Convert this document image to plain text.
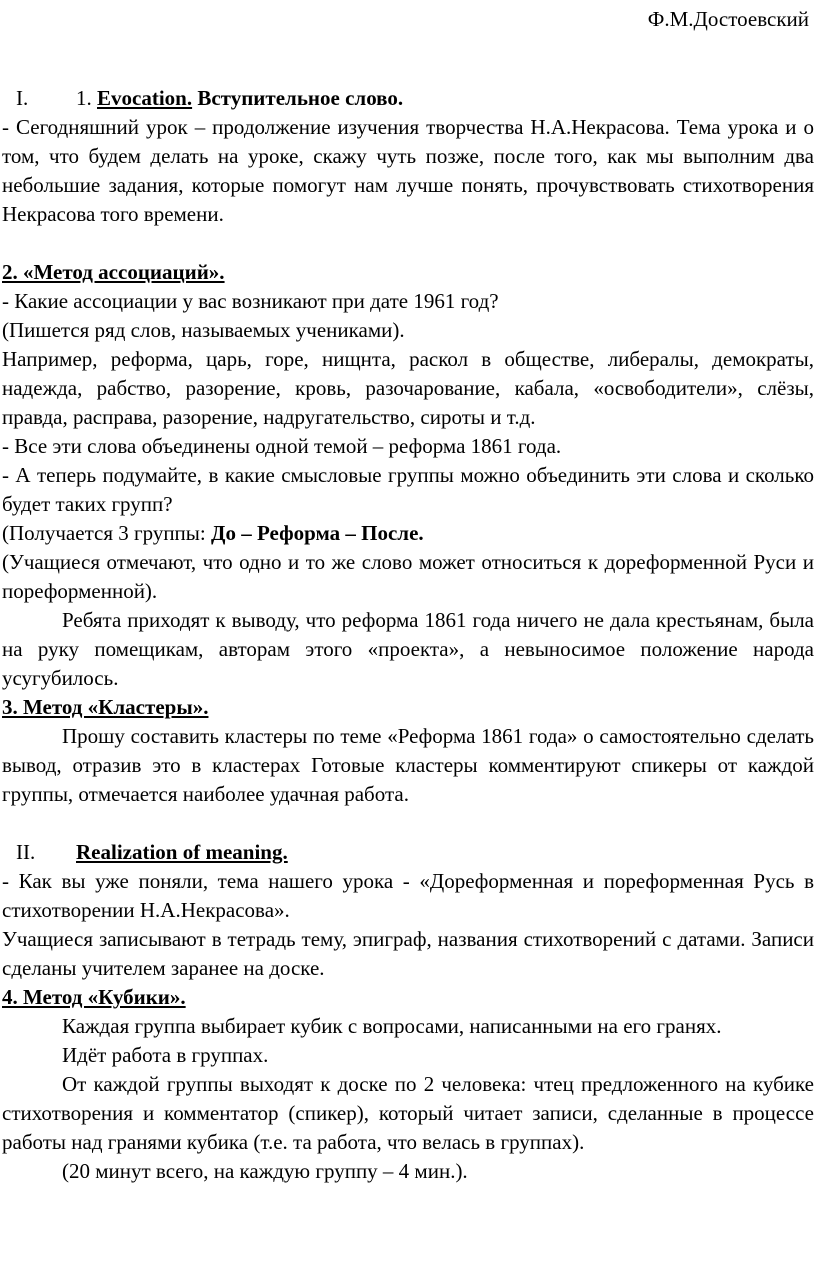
Ф.М.Достоевский

I. 1. Evocation. Вступительное слово.

- Сегодняшний урок – продолжение изучения творчества Н.А.Некрасова. Тема урока и о том, что будем делать на уроке, скажу чуть позже, после того, как мы выполним два небольшие задания, которые помогут нам лучше понять, прочувствовать стихотворения Некрасова того времени.

2. «Метод ассоциаций».

- Какие ассоциации у вас возникают при дате 1961 год?

(Пишется ряд слов, называемых учениками).

Например, реформа, царь, горе, нищнта, раскол в обществе, либералы, демократы, надежда, рабство, разорение, кровь, разочарование, кабала, «освободители», слёзы, правда, расправа, разорение, надругательство, сироты и т.д.

- Все эти слова объединены одной темой – реформа 1861 года.

- А теперь подумайте, в какие смысловые группы можно объединить эти слова и сколько будет таких групп?

(Получается 3 группы: До – Реформа – После.

(Учащиеся отмечают, что одно и то же слово может относиться к дореформенной Руси и пореформенной).

Ребята приходят к выводу, что реформа 1861 года ничего не дала крестьянам, была на руку помещикам, авторам этого «проекта», а невыносимое положение народа усугубилось.

3. Метод «Кластеры».

Прошу составить кластеры по теме «Реформа 1861 года» о самостоятельно сделать вывод, отразив это в кластерах Готовые кластеры комментируют спикеры от каждой группы, отмечается наиболее удачная работа.

II. Realization of meaning.

- Как вы уже поняли, тема нашего урока - «Дореформенная и пореформенная Русь в стихотворении Н.А.Некрасова».

Учащиеся записывают в тетрадь тему, эпиграф, названия стихотворений с датами. Записи сделаны учителем заранее на доске.

4. Метод «Кубики».

Каждая группа выбирает кубик с вопросами, написанными на его гранях.

Идёт работа в группах.

От каждой группы выходят к доске по 2 человека: чтец предложенного на кубике стихотворения и комментатор (спикер), который читает записи, сделанные в процессе работы над гранями кубика (т.е. та работа, что велась в группах).

(20 минут всего, на каждую группу – 4 мин.).
